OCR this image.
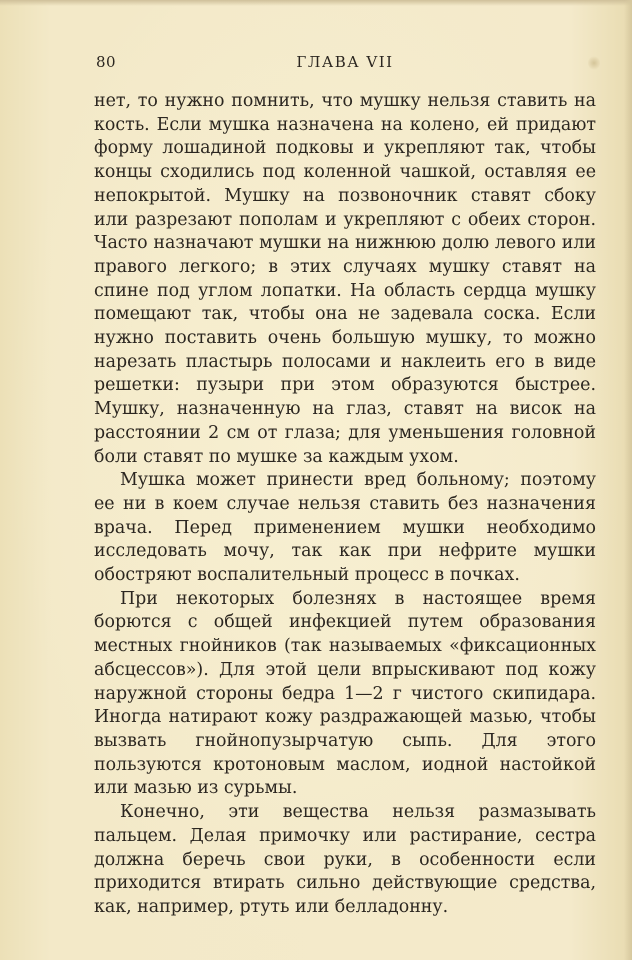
80	ГЛАВА VII

нет, то нужно помнить, что мушку нельзя ставить на кость. Если мушка назначена на колено, ей придают форму лошадиной подковы и укрепляют так, чтобы концы сходились под коленной чашкой, оставляя ее непокрытой. Мушку на позвоночник ставят сбоку или разрезают пополам и укрепляют с обеих сторон. Часто назначают мушки на нижнюю долю левого или правого легкого; в этих случаях мушку ставят на спине под углом лопатки. На область сердца мушку помещают так, чтобы она не задевала соска. Если нужно поставить очень большую мушку, то можно нарезать пластырь полосами и наклеить его в виде решетки: пузыри при этом образуются быстрее. Мушку, назначенную на глаз, ставят на висок на расстоянии 2 см от глаза; для уменьшения головной боли ставят по мушке за каждым ухом.

Мушка может принести вред больному; поэтому ее ни в коем случае нельзя ставить без назначения врача. Перед применением мушки необходимо исследовать мочу, так как при нефрите мушки обостряют воспалительный процесс в почках.

При некоторых болезнях в настоящее время борются с общей инфекцией путем образования местных гнойников (так называемых «фиксационных абсцессов»). Для этой цели впрыскивают под кожу наружной стороны бедра 1—2 г чистого скипидара. Иногда натирают кожу раздражающей мазью, чтобы вызвать гнойнопузырчатую сыпь. Для этого пользуются кротоновым маслом, иодной настойкой или мазью из сурьмы.

Конечно, эти вещества нельзя размазывать пальцем. Делая примочку или растирание, сестра должна беречь свои руки, в особенности если приходится втирать сильно действующие средства, как, например, ртуть или белладонну.
